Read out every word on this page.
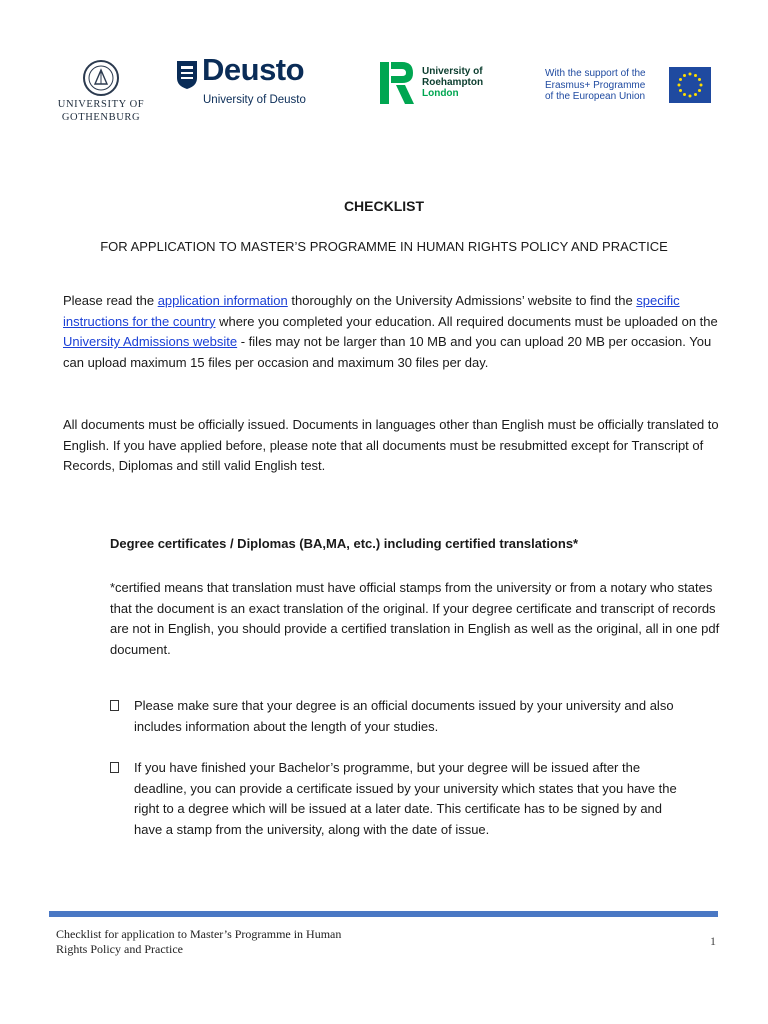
UNIVERSITY OF
GOTHENBURG
Deusto
University of Deusto
University of
Roehampton
London
With the support of the
Erasmus+ Programme
of the European Union
CHECKLIST
FOR APPLICATION TO MASTER’S PROGRAMME IN HUMAN RIGHTS POLICY AND PRACTICE

Please read the application information thoroughly on the University Admissions’ website to find the specific instructions for the country where you completed your education. All required documents must be uploaded on the University Admissions website - files may not be larger than 10 MB and you can upload 20 MB per occasion. You can upload maximum 15 files per occasion and maximum 30 files per day.

All documents must be officially issued. Documents in languages other than English must be officially translated to English. If you have applied before, please note that all documents must be resubmitted except for Transcript of Records, Diplomas and still valid English test.

Degree certificates / Diplomas (BA,MA, etc.) including certified translations*

*certified means that translation must have official stamps from the university or from a notary who states that the document is an exact translation of the original. If your degree certificate and transcript of records are not in English, you should provide a certified translation in English as well as the original, all in one pdf document.

Please make sure that your degree is an official documents issued by your university and also includes information about the length of your studies.
If you have finished your Bachelor’s programme, but your degree will be issued after the deadline, you can provide a certificate issued by your university which states that you have the right to a degree which will be issued at a later date. This certificate has to be signed by and have a stamp from the university, along with the date of issue.
Checklist for application to Master’s Programme in Human
Rights Policy and Practice
1
